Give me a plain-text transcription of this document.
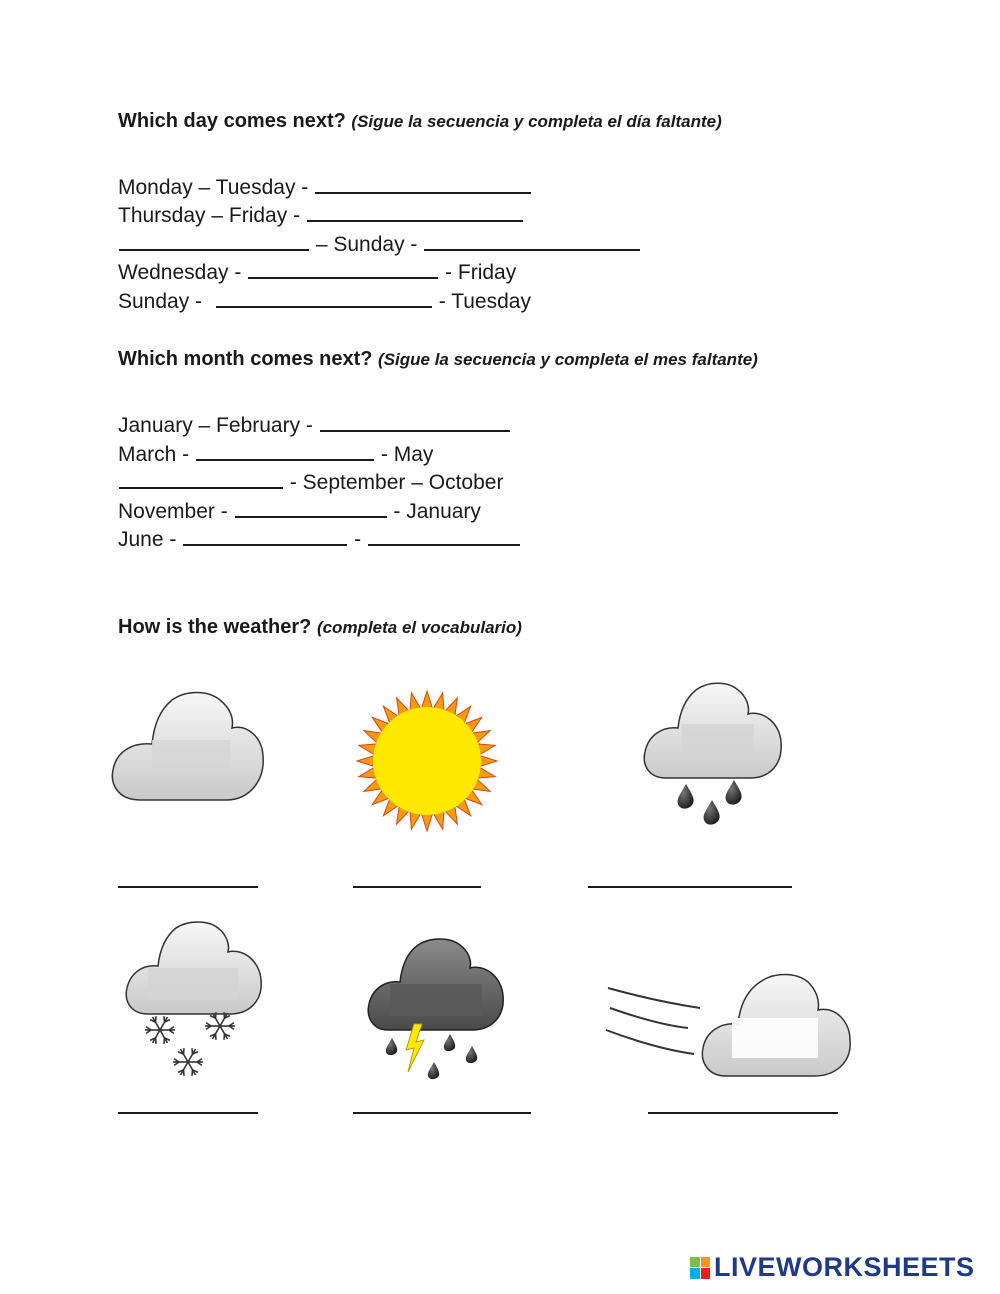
Which day comes next? (Sigue la secuencia y completa el día faltante)
Monday – Tuesday -
Thursday – Friday -
– Sunday -
Wednesday -	- Friday
Sunday -	- Tuesday
Which month comes next? (Sigue la secuencia y completa el mes faltante)
January – February -
March -	- May
- September – October
November -	- January
June -	-
How is the weather? (completa el vocabulario)
LIVEWORKSHEETS
